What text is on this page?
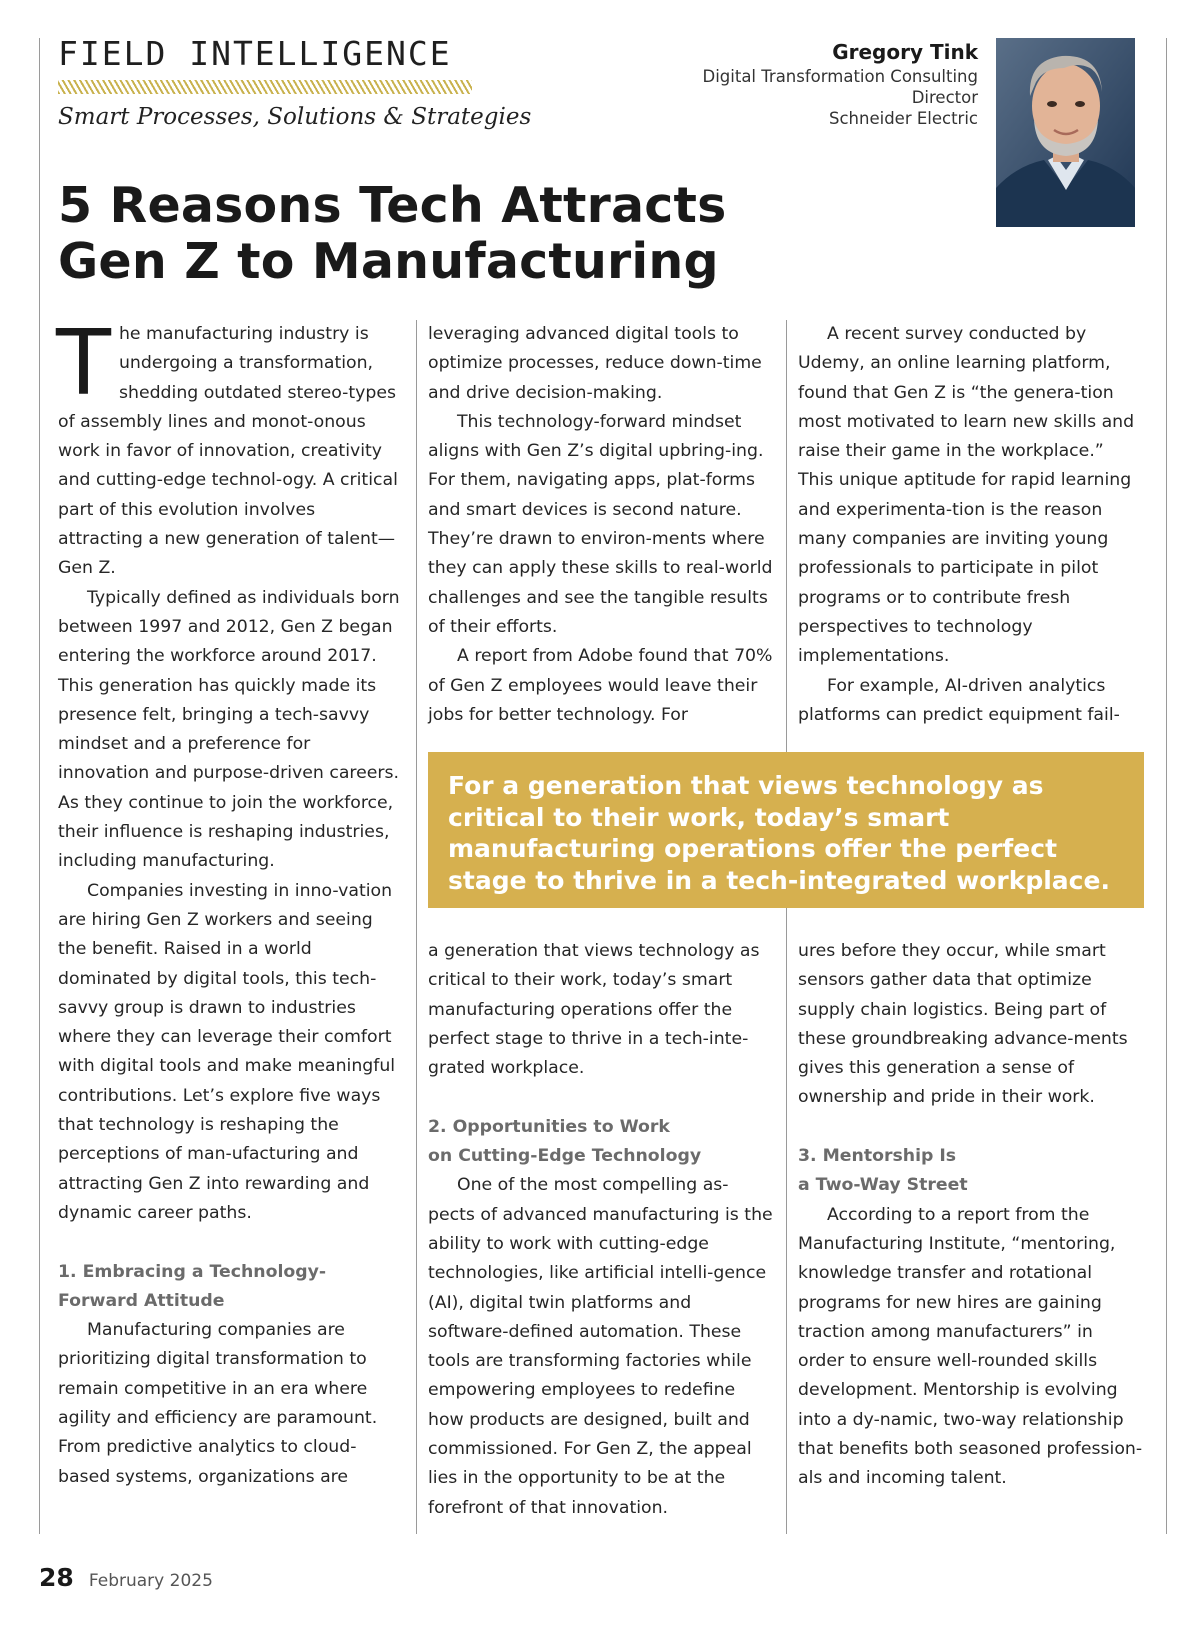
FIELD INTELLIGENCE
Smart Processes, Solutions & Strategies
Gregory Tink
Digital Transformation Consulting
Director
Schneider Electric
5 Reasons Tech Attracts
Gen Z to Manufacturing

The manufacturing industry is undergoing a transformation, shedding outdated stereo-types of assembly lines and monot-onous work in favor of innovation, creativity and cutting-edge technol-ogy. A critical part of this evolution involves attracting a new generation of talent—Gen Z.

Typically defined as individuals born between 1997 and 2012, Gen Z began entering the workforce around 2017. This generation has quickly made its presence felt, bringing a tech-savvy mindset and a preference for innovation and purpose-driven careers. As they continue to join the workforce, their influence is reshaping industries, including manufacturing.

Companies investing in inno-vation are hiring Gen Z workers and seeing the benefit. Raised in a world dominated by digital tools, this tech-savvy group is drawn to industries where they can leverage their comfort with digital tools and make meaningful contributions. Let’s explore five ways that technology is reshaping the perceptions of man-ufacturing and attracting Gen Z into rewarding and dynamic career paths.

1. Embracing a Technology-
Forward Attitude

Manufacturing companies are prioritizing digital transformation to remain competitive in an era where agility and efficiency are paramount. From predictive analytics to cloud-based systems, organizations are

leveraging advanced digital tools to optimize processes, reduce down-time and drive decision-making.

This technology-forward mindset aligns with Gen Z’s digital upbring-ing. For them, navigating apps, plat-forms and smart devices is second nature. They’re drawn to environ-ments where they can apply these skills to real-world challenges and see the tangible results of their efforts.

A report from Adobe found that 70% of Gen Z employees would leave their jobs for better technology. For

A recent survey conducted by Udemy, an online learning platform, found that Gen Z is “the genera-tion most motivated to learn new skills and raise their game in the workplace.” This unique aptitude for rapid learning and experimenta-tion is the reason many companies are inviting young professionals to participate in pilot programs or to contribute fresh perspectives to technology implementations.

For example, AI-driven analytics platforms can predict equipment fail-

For a generation that views technology as critical to their work, today’s smart manufacturing operations offer the perfect stage to thrive in a tech-integrated workplace.

a generation that views technology as critical to their work, today’s smart manufacturing operations offer the perfect stage to thrive in a tech-inte-grated workplace.

2. Opportunities to Work
on Cutting-Edge Technology

One of the most compelling as-pects of advanced manufacturing is the ability to work with cutting-edge technologies, like artificial intelli-gence (AI), digital twin platforms and software-defined automation. These tools are transforming factories while empowering employees to redefine how products are designed, built and commissioned. For Gen Z, the appeal lies in the opportunity to be at the forefront of that innovation.

ures before they occur, while smart sensors gather data that optimize supply chain logistics. Being part of these groundbreaking advance-ments gives this generation a sense of ownership and pride in their work.

3. Mentorship Is
a Two-Way Street

According to a report from the Manufacturing Institute, “mentoring, knowledge transfer and rotational programs for new hires are gaining traction among manufacturers” in order to ensure well-rounded skills development. Mentorship is evolving into a dy-namic, two-way relationship that benefits both seasoned profession-als and incoming talent.

28 February 2025
